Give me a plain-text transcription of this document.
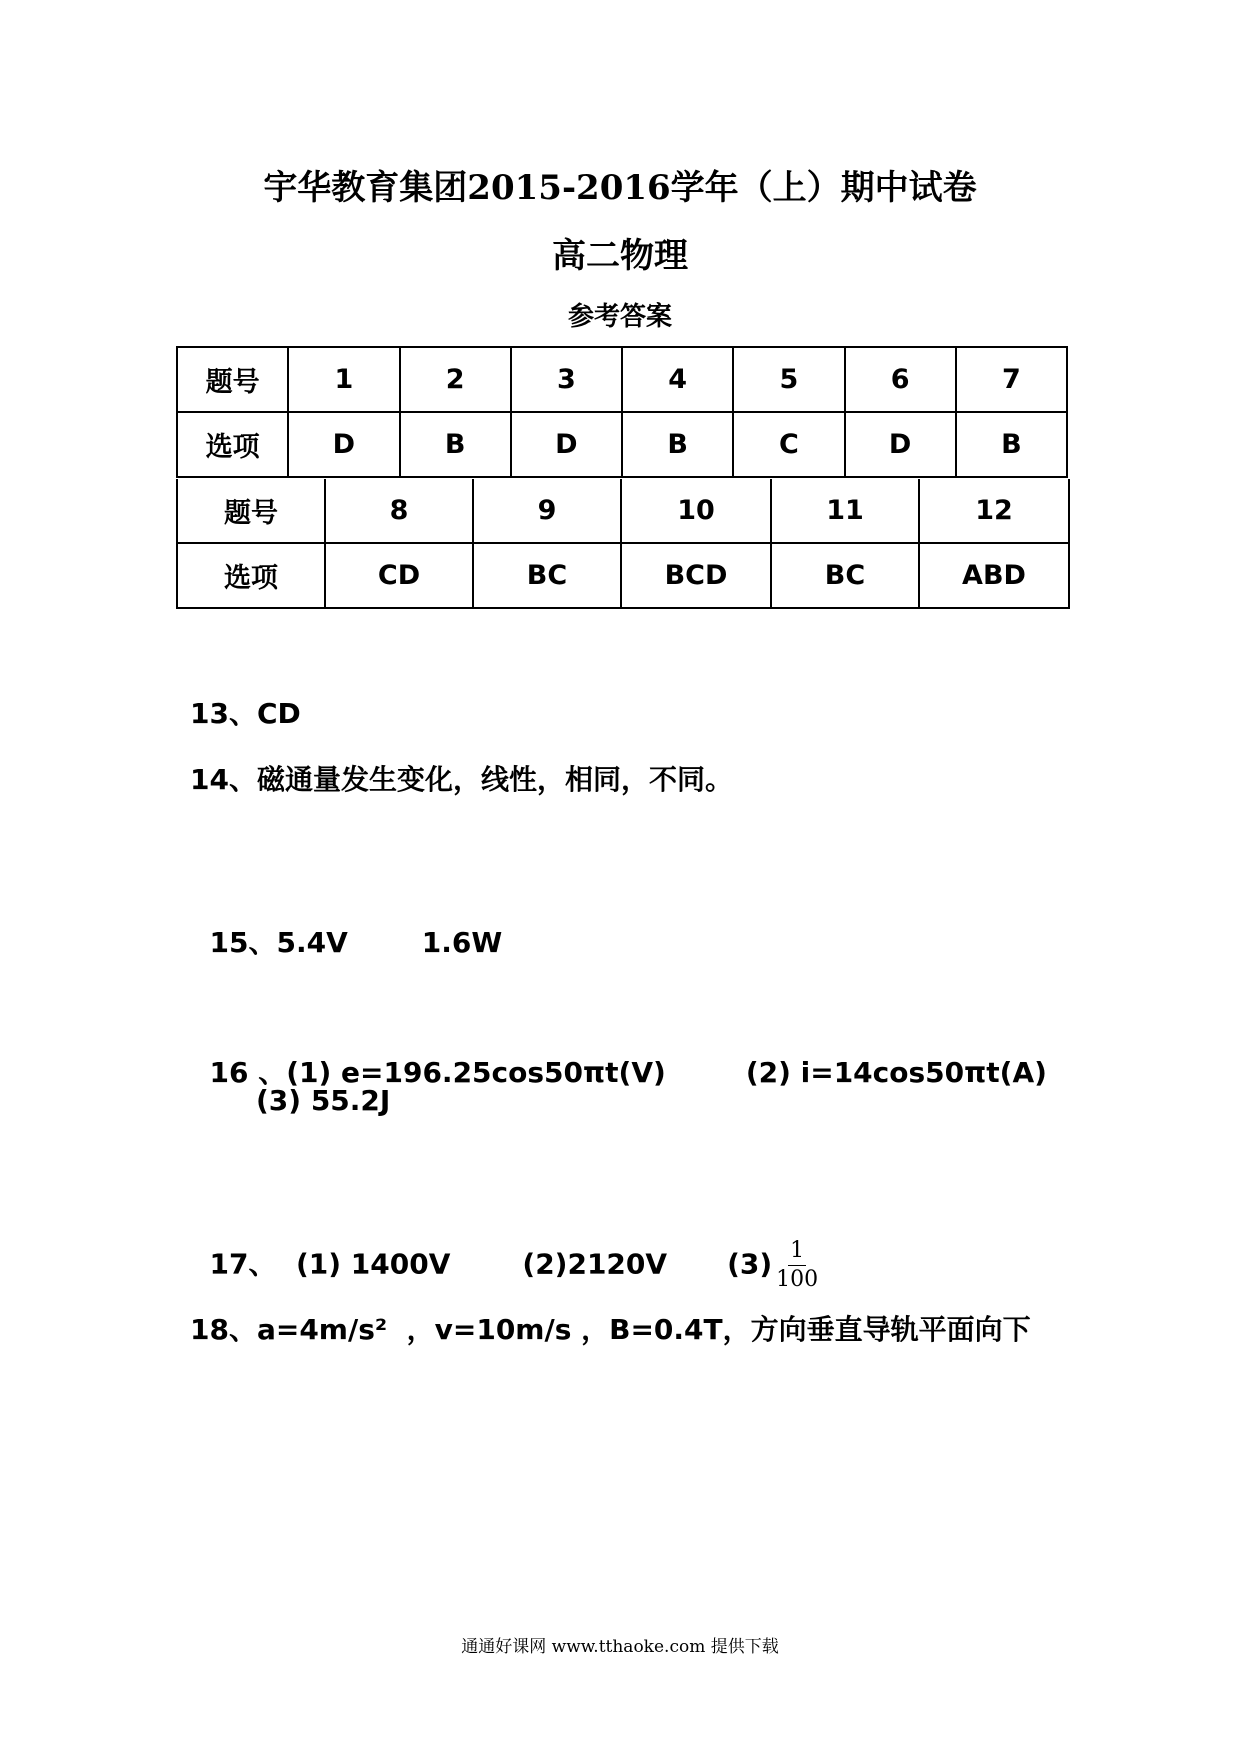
宇华教育集团2015-2016学年（上）期中试卷
高二物理
参考答案
题号	1	2	3	4	5	6	7
选项	D	B	D	B	C	D	B
题号	8	9	10	11	12
选项	CD	BC	BCD	BC	ABD
13、CD
14、磁通量发生变化，线性，相同，不同。

15、5.4V	1.6W

16 、(1) e=196.25cos50πt(V)	(2) i=14cos50πt(A)

(3) 55.2J

17、  (1) 1400V	(2)2120V $(3) \frac{1}{100}$

18、a=4m/s²  ，v=10m/s ，B=0.4T，方向垂直导轨平面向下
通通好课网 www.tthaoke.com 提供下载
